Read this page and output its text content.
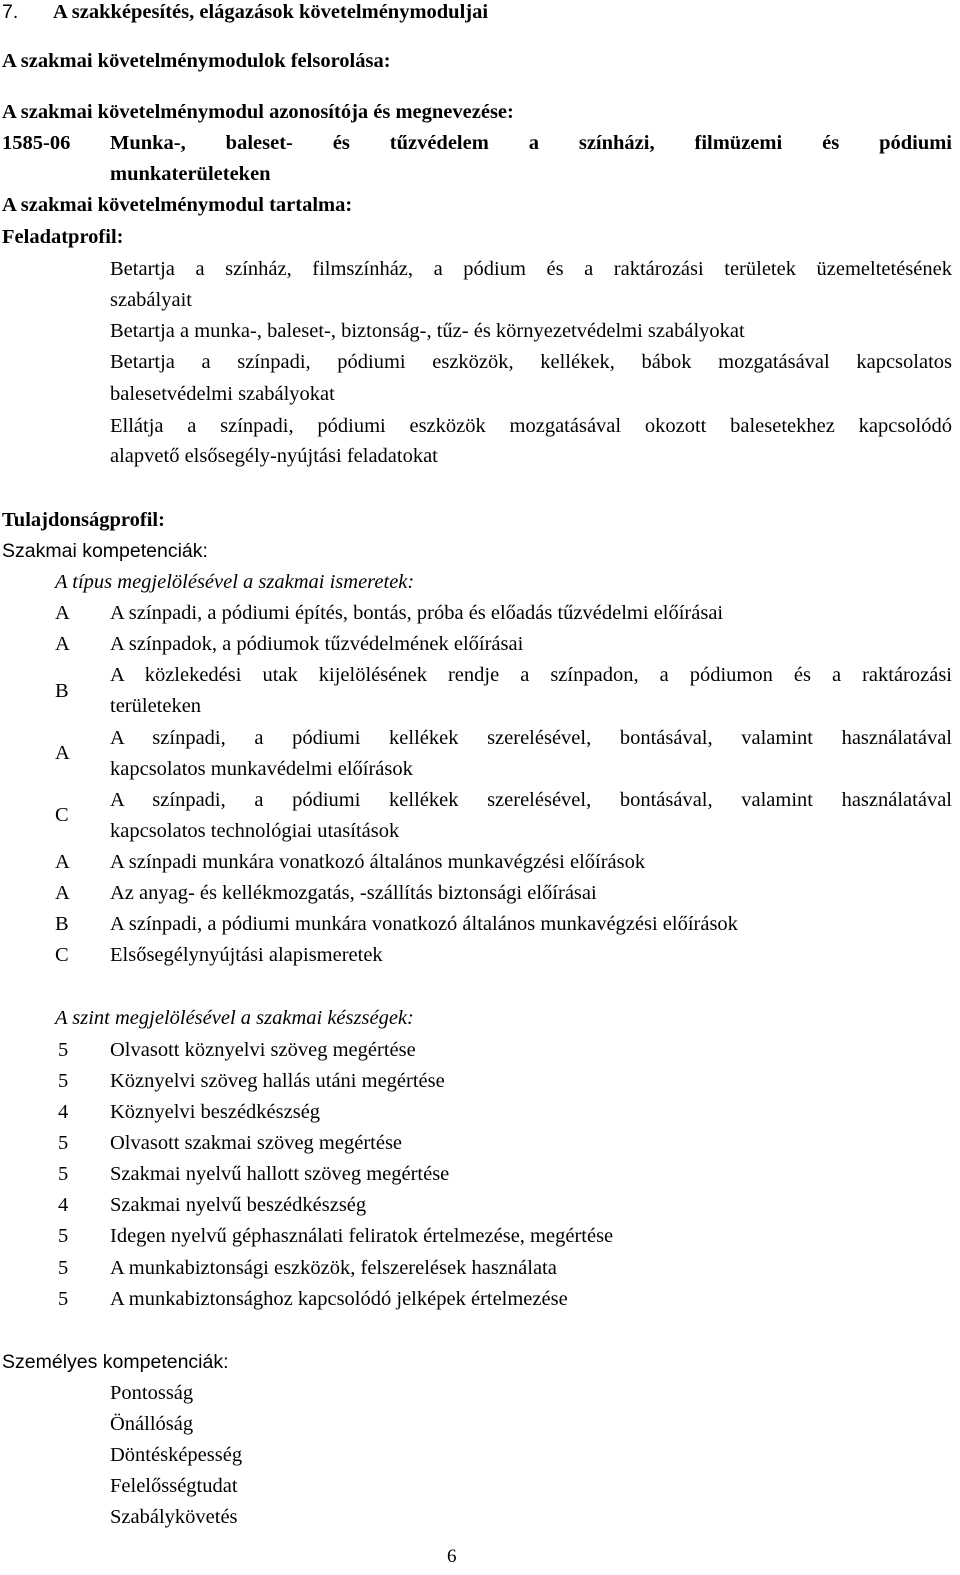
7. A szakképesítés, elágazások követelménymoduljai
A szakmai követelménymodulok felsorolása:
A szakmai követelménymodul azonosítója és megnevezése:
1585-06 Munka-, baleset- és tűzvédelem a színházi, filmüzemi és pódiumi
munkaterületeken
A szakmai követelménymodul tartalma:
Feladatprofil:
Betartja a színház, filmszínház, a pódium és a raktározási területek üzemeltetésének
szabályait
Betartja a munka-, baleset-, biztonság-, tűz- és környezetvédelmi szabályokat
Betartja a színpadi, pódiumi eszközök, kellékek, bábok mozgatásával kapcsolatos
balesetvédelmi szabályokat
Ellátja a színpadi, pódiumi eszközök mozgatásával okozott balesetekhez kapcsolódó
alapvető elsősegély-nyújtási feladatokat
Tulajdonságprofil:
Szakmai kompetenciák:
A típus megjelölésével a szakmai ismeretek:
A A színpadi, a pódiumi építés, bontás, próba és előadás tűzvédelmi előírásai
A A színpadok, a pódiumok tűzvédelmének előírásai
B
A közlekedési utak kijelölésének rendje a színpadon, a pódiumon és a raktározási
területeken
A
A színpadi, a pódiumi kellékek szerelésével, bontásával, valamint használatával
kapcsolatos munkavédelmi előírások
C
A színpadi, a pódiumi kellékek szerelésével, bontásával, valamint használatával
kapcsolatos technológiai utasítások
A A színpadi munkára vonatkozó általános munkavégzési előírások
A Az anyag- és kellékmozgatás, -szállítás biztonsági előírásai
B A színpadi, a pódiumi munkára vonatkozó általános munkavégzési előírások
C Elsősegélynyújtási alapismeretek
A szint megjelölésével a szakmai készségek:
5 Olvasott köznyelvi szöveg megértése
5 Köznyelvi szöveg hallás utáni megértése
4 Köznyelvi beszédkészség
5 Olvasott szakmai szöveg megértése
5 Szakmai nyelvű hallott szöveg megértése
4 Szakmai nyelvű beszédkészség
5 Idegen nyelvű géphasználati feliratok értelmezése, megértése
5 A munkabiztonsági eszközök, felszerelések használata
5 A munkabiztonsághoz kapcsolódó jelképek értelmezése
Személyes kompetenciák:
Pontosság
Önállóság
Döntésképesség
Felelősségtudat
Szabálykövetés
6
